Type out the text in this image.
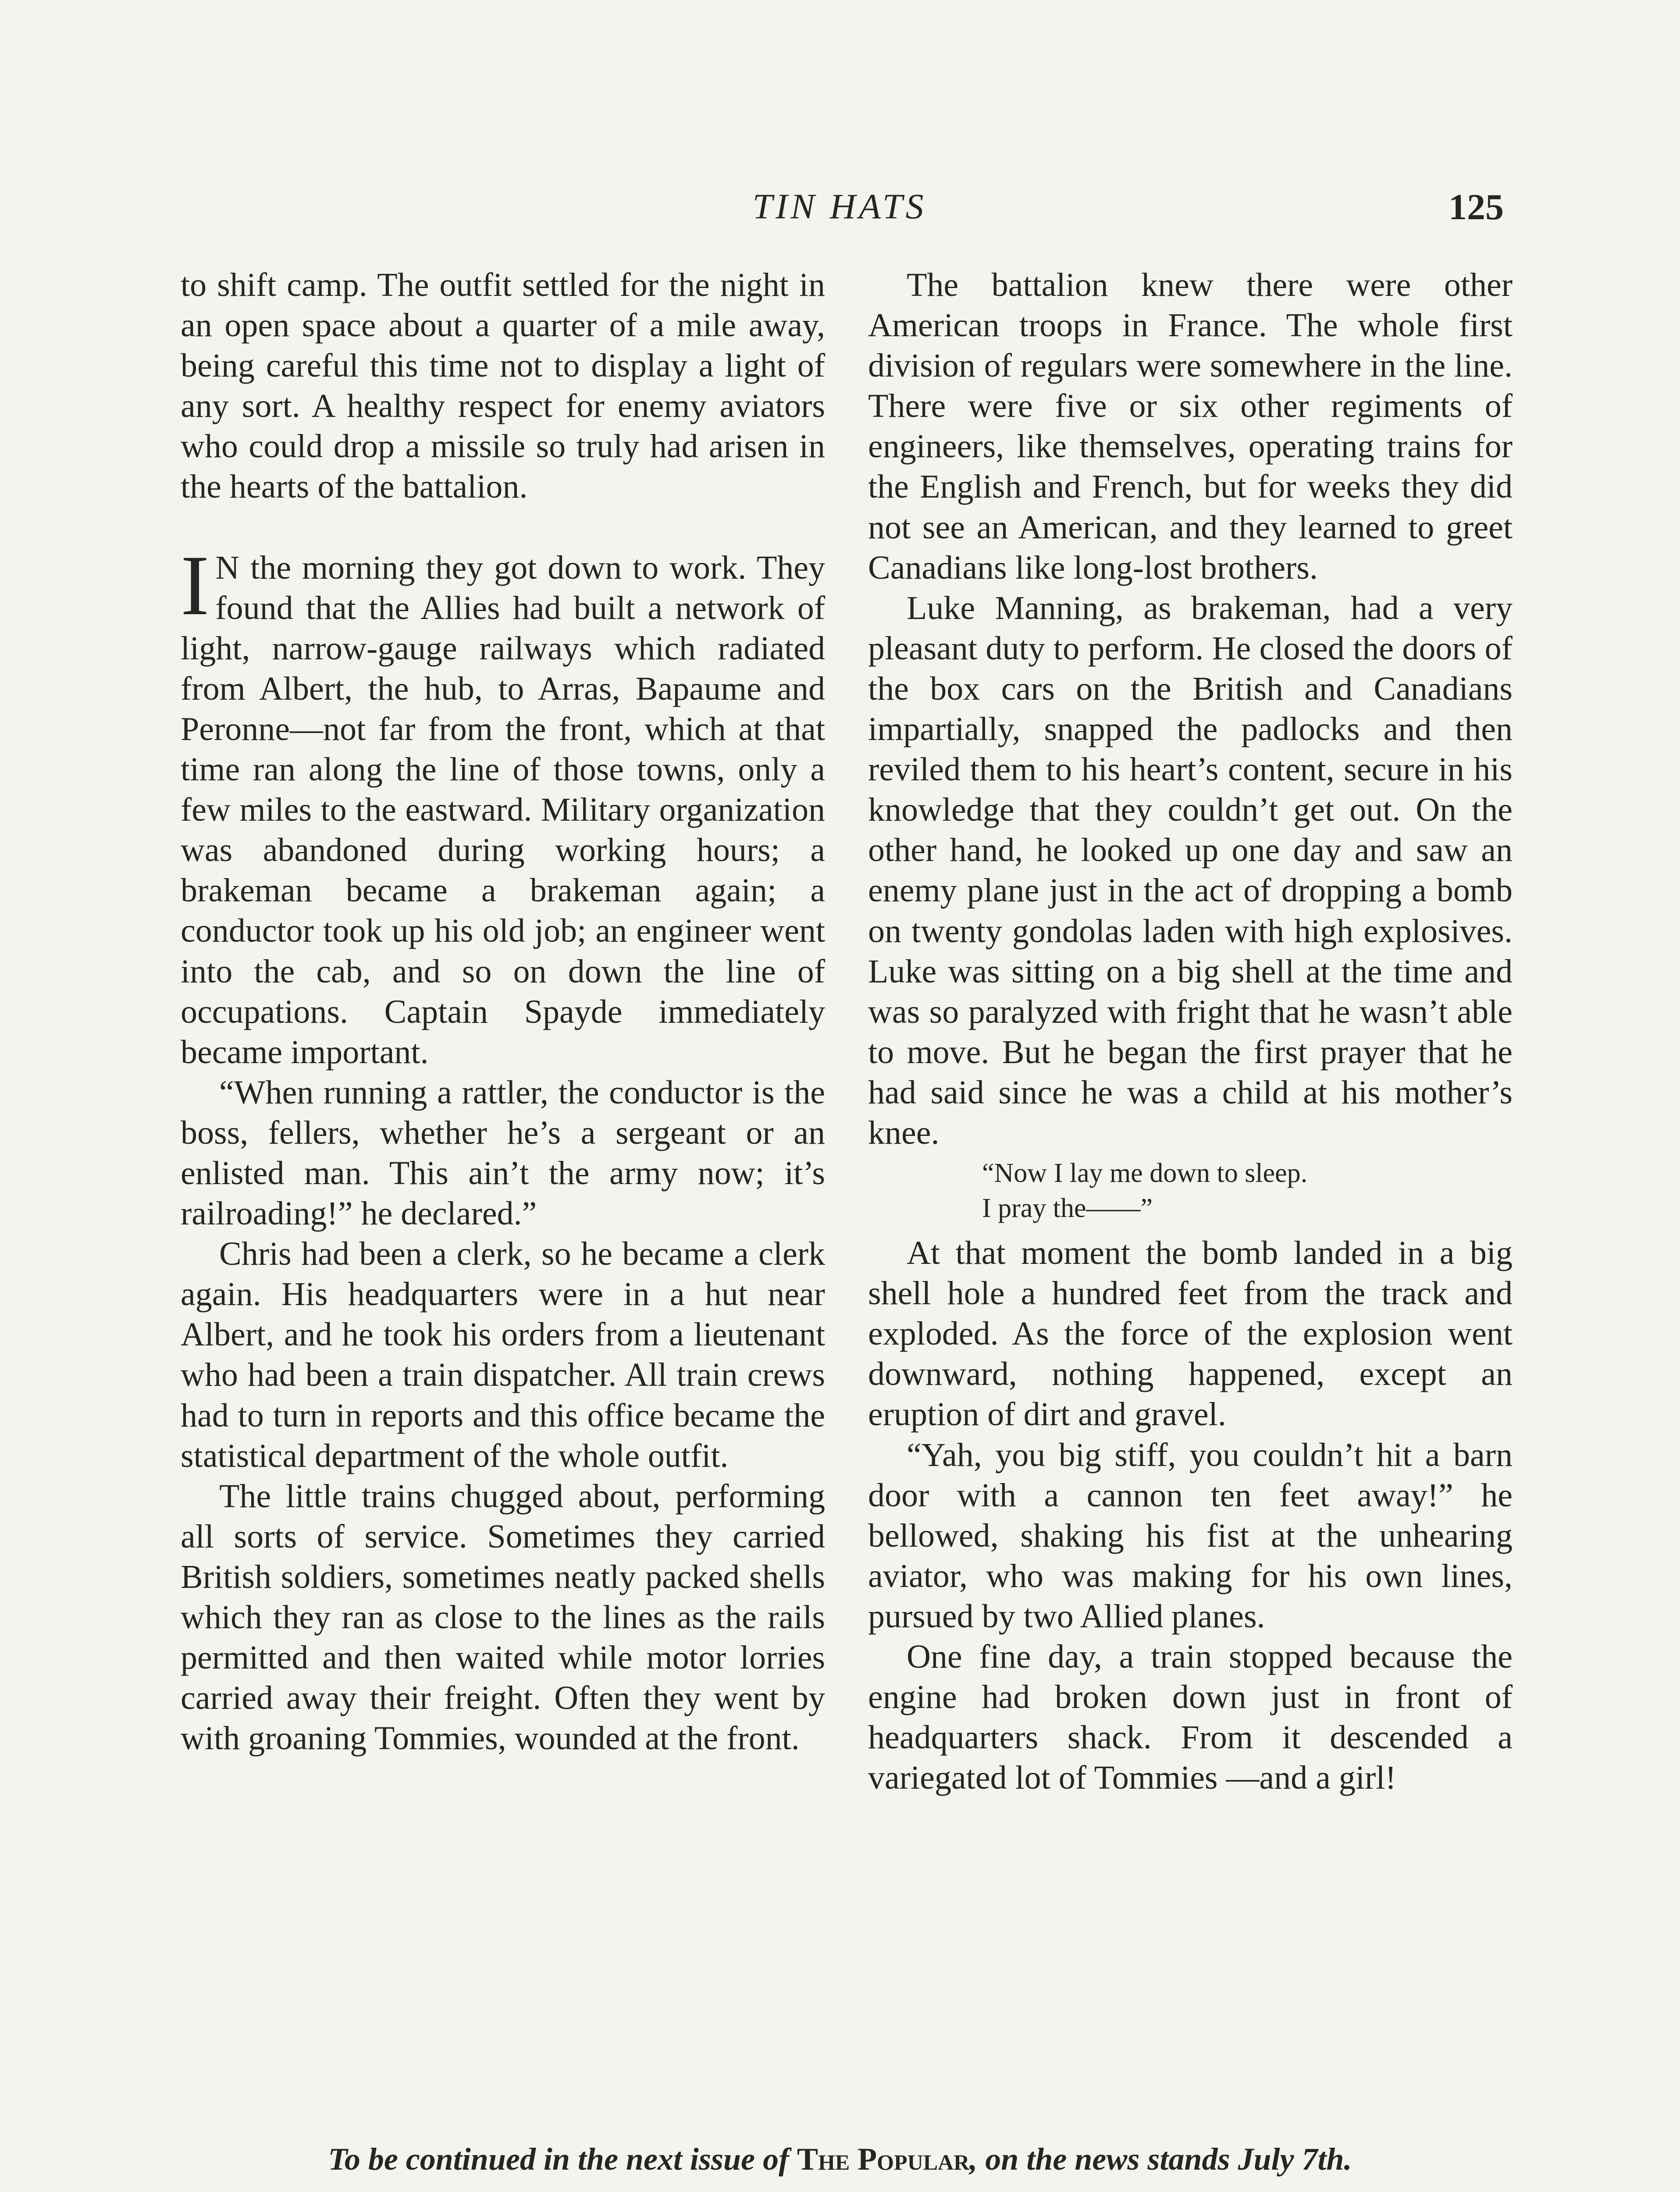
TIN HATS	125

to shift camp. The outfit settled for the night in an open space about a quarter of a mile away, being careful this time not to display a light of any sort. A healthy respect for enemy aviators who could drop a missile so truly had arisen in the hearts of the battalion.

I N the morning they got down to work. They found that the Allies had built a network of light, narrow-gauge railways which radiated from Albert, the hub, to Arras, Bapaume and Peronne—not far from the front, which at that time ran along the line of those towns, only a few miles to the eastward. Military organization was abandoned during working hours; a brakeman became a brakeman again; a conductor took up his old job; an engineer went into the cab, and so on down the line of occupations. Captain Spayde immediately became important.

“When running a rattler, the conductor is the boss, fellers, whether he’s a sergeant or an enlisted man. This ain’t the army now; it’s railroading!” he declared.”

Chris had been a clerk, so he became a clerk again. His headquarters were in a hut near Albert, and he took his orders from a lieutenant who had been a train dispatcher. All train crews had to turn in reports and this office became the statistical department of the whole outfit.

The little trains chugged about, performing all sorts of service. Sometimes they carried British soldiers, sometimes neatly packed shells which they ran as close to the lines as the rails permitted and then waited while motor lorries carried away their freight. Often they went by with groaning Tommies, wounded at the front.

The battalion knew there were other American troops in France. The whole first division of regulars were somewhere in the line. There were five or six other regiments of engineers, like themselves, operating trains for the English and French, but for weeks they did not see an American, and they learned to greet Canadians like long-lost brothers.

Luke Manning, as brakeman, had a very pleasant duty to perform. He closed the doors of the box cars on the British and Canadians impartially, snapped the padlocks and then reviled them to his heart’s content, secure in his knowledge that they couldn’t get out. On the other hand, he looked up one day and saw an enemy plane just in the act of dropping a bomb on twenty gondolas laden with high explosives. Luke was sitting on a big shell at the time and was so paralyzed with fright that he wasn’t able to move. But he began the first prayer that he had said since he was a child at his mother’s knee.

“Now I lay me down to sleep.
I pray the——”

At that moment the bomb landed in a big shell hole a hundred feet from the track and exploded. As the force of the explosion went downward, nothing happened, except an eruption of dirt and gravel.

“Yah, you big stiff, you couldn’t hit a barn door with a cannon ten feet away!” he bellowed, shaking his fist at the unhearing aviator, who was making for his own lines, pursued by two Allied planes.

One fine day, a train stopped because the engine had broken down just in front of headquarters shack. From it descended a variegated lot of Tommies —and a girl!

To be continued in the next issue of The Popular, on the news stands July 7th.
